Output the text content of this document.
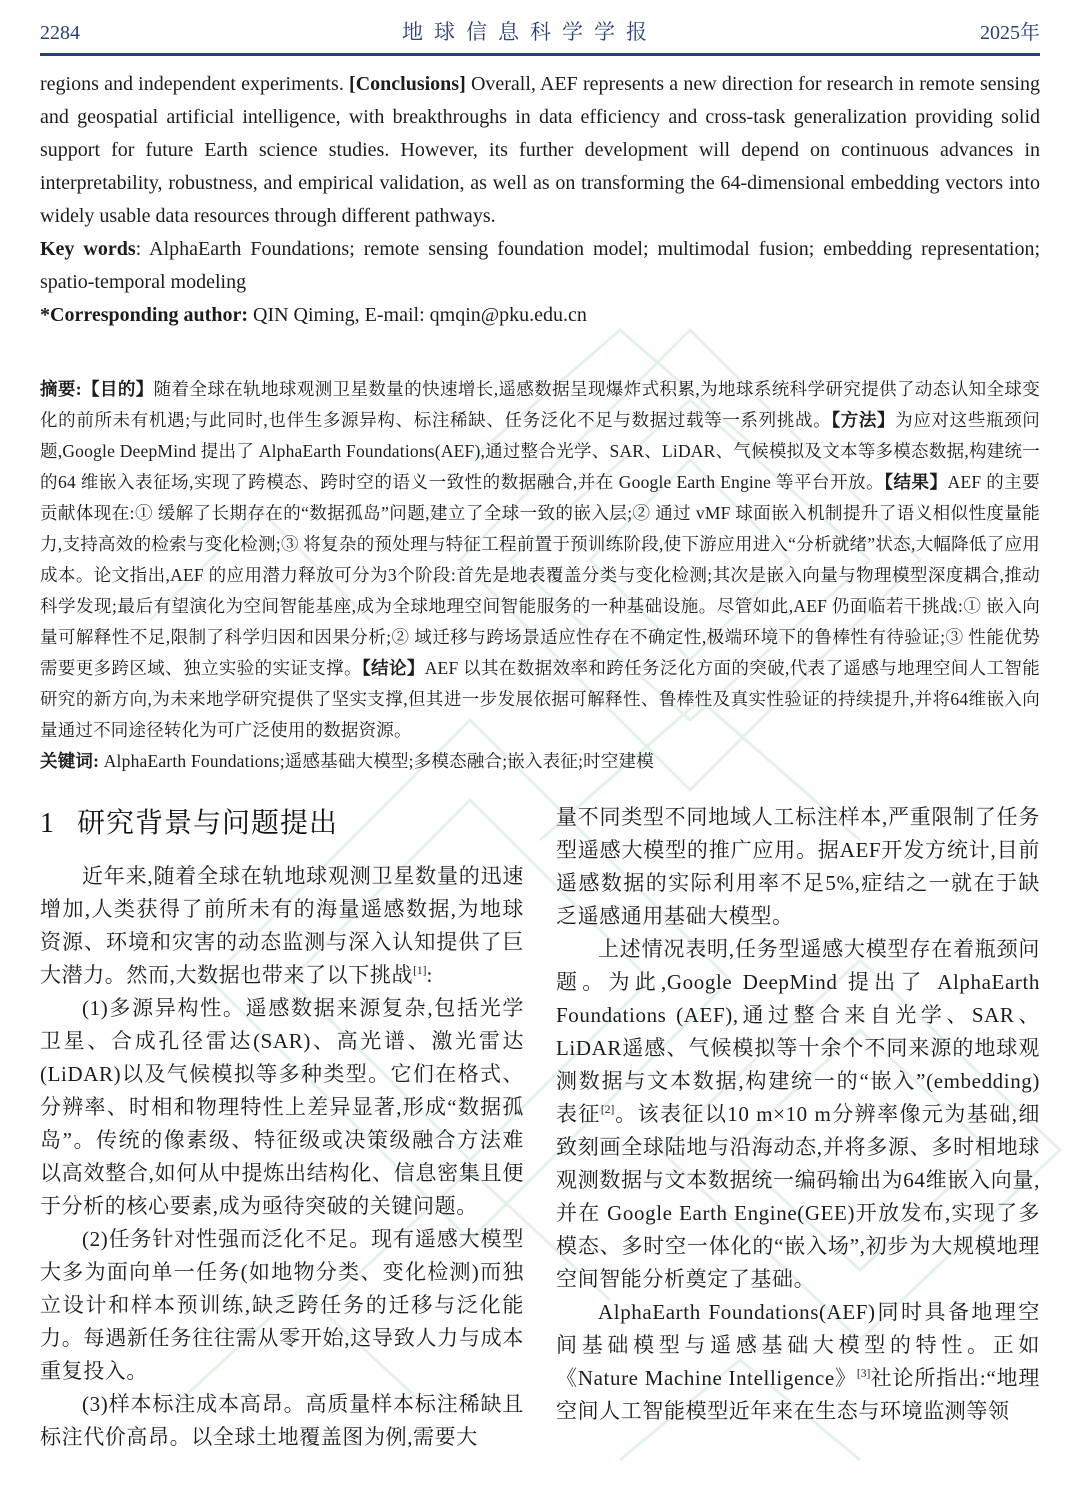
2284	地球信息科学学报	2025年

regions and independent experiments. [Conclusions] Overall, AEF represents a new direction for research in remote sensing and geospatial artificial intelligence, with breakthroughs in data efficiency and cross-task generalization providing solid support for future Earth science studies. However, its further development will depend on continuous advances in interpretability, robustness, and empirical validation, as well as on transforming the 64-dimensional embedding vectors into widely usable data resources through different pathways.

Key words: AlphaEarth Foundations; remote sensing foundation model; multimodal fusion; embedding representation; spatio-temporal modeling

*Corresponding author: QIN Qiming, E-mail: qmqin@pku.edu.cn

摘要:【目的】随着全球在轨地球观测卫星数量的快速增长,遥感数据呈现爆炸式积累,为地球系统科学研究提供了动态认知全球变化的前所未有机遇;与此同时,也伴生多源异构、标注稀缺、任务泛化不足与数据过载等一系列挑战。【方法】为应对这些瓶颈问题,Google DeepMind 提出了 AlphaEarth Foundations(AEF),通过整合光学、SAR、LiDAR、气候模拟及文本等多模态数据,构建统一的64 维嵌入表征场,实现了跨模态、跨时空的语义一致性的数据融合,并在 Google Earth Engine 等平台开放。【结果】AEF 的主要贡献体现在:① 缓解了长期存在的“数据孤岛”问题,建立了全球一致的嵌入层;② 通过 vMF 球面嵌入机制提升了语义相似性度量能力,支持高效的检索与变化检测;③ 将复杂的预处理与特征工程前置于预训练阶段,使下游应用进入“分析就绪”状态,大幅降低了应用成本。论文指出,AEF 的应用潜力释放可分为3个阶段:首先是地表覆盖分类与变化检测;其次是嵌入向量与物理模型深度耦合,推动科学发现;最后有望演化为空间智能基座,成为全球地理空间智能服务的一种基础设施。尽管如此,AEF 仍面临若干挑战:① 嵌入向量可解释性不足,限制了科学归因和因果分析;② 域迁移与跨场景适应性存在不确定性,极端环境下的鲁棒性有待验证;③ 性能优势需要更多跨区域、独立实验的实证支撑。【结论】AEF 以其在数据效率和跨任务泛化方面的突破,代表了遥感与地理空间人工智能研究的新方向,为未来地学研究提供了坚实支撑,但其进一步发展依据可解释性、鲁棒性及真实性验证的持续提升,并将64维嵌入向量通过不同途径转化为可广泛使用的数据资源。

关键词: AlphaEarth Foundations;遥感基础大模型;多模态融合;嵌入表征;时空建模

1 研究背景与问题提出

近年来,随着全球在轨地球观测卫星数量的迅速增加,人类获得了前所未有的海量遥感数据,为地球资源、环境和灾害的动态监测与深入认知提供了巨大潜力。然而,大数据也带来了以下挑战[1]:

(1)多源异构性。遥感数据来源复杂,包括光学卫星、合成孔径雷达(SAR)、高光谱、激光雷达(LiDAR)以及气候模拟等多种类型。它们在格式、分辨率、时相和物理特性上差异显著,形成“数据孤岛”。传统的像素级、特征级或决策级融合方法难以高效整合,如何从中提炼出结构化、信息密集且便于分析的核心要素,成为亟待突破的关键问题。

(2)任务针对性强而泛化不足。现有遥感大模型大多为面向单一任务(如地物分类、变化检测)而独立设计和样本预训练,缺乏跨任务的迁移与泛化能力。每遇新任务往往需从零开始,这导致人力与成本重复投入。

(3)样本标注成本高昂。高质量样本标注稀缺且标注代价高昂。以全球土地覆盖图为例,需要大

量不同类型不同地域人工标注样本,严重限制了任务型遥感大模型的推广应用。据AEF开发方统计,目前遥感数据的实际利用率不足5%,症结之一就在于缺乏遥感通用基础大模型。

上述情况表明,任务型遥感大模型存在着瓶颈问题。为此,Google DeepMind 提出了 AlphaEarth Foundations (AEF),通过整合来自光学、SAR、LiDAR遥感、气候模拟等十余个不同来源的地球观测数据与文本数据,构建统一的“嵌入”(embedding)表征[2]。该表征以10 m×10 m分辨率像元为基础,细致刻画全球陆地与沿海动态,并将多源、多时相地球观测数据与文本数据统一编码输出为64维嵌入向量,并在 Google Earth Engine(GEE)开放发布,实现了多模态、多时空一体化的“嵌入场”,初步为大规模地理空间智能分析奠定了基础。

AlphaEarth Foundations(AEF)同时具备地理空间基础模型与遥感基础大模型的特性。正如《Nature Machine Intelligence》[3]社论所指出:“地理空间人工智能模型近年来在生态与环境监测等领
